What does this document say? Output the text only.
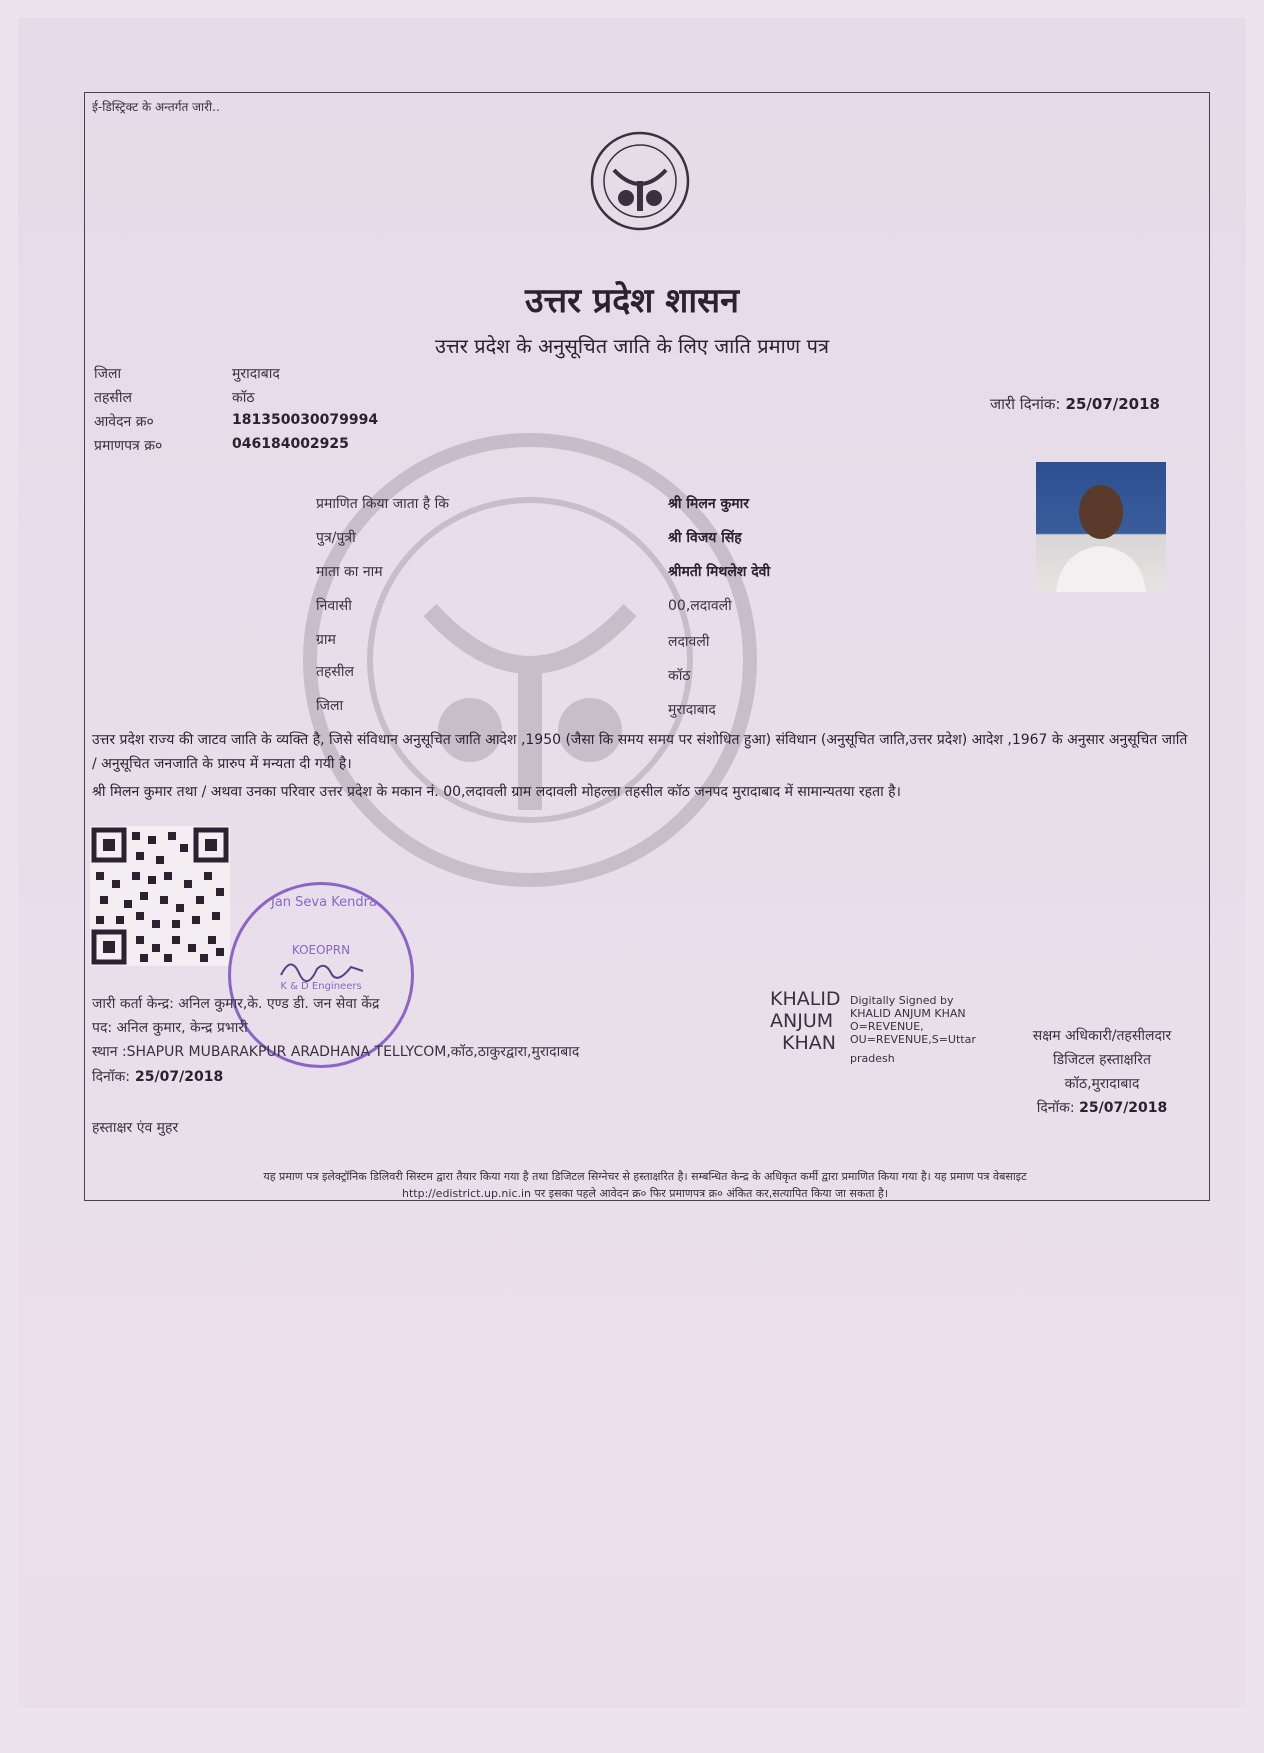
ई-डिस्ट्रिक्ट के अन्तर्गत जारी..
उत्तर प्रदेश शासन
उत्तर प्रदेश के अनुसूचित जाति के लिए जाति प्रमाण पत्र
जिला	मुरादाबाद
तहसील	कॉठ
आवेदन क्र०	181350030079994
प्रमाणपत्र क्र०	046184002925
जारी दिनांक: 25/07/2018
प्रमाणित किया जाता है कि	श्री मिलन कुमार
पुत्र/पुत्री	श्री विजय सिंह
माता का नाम	श्रीमती मिथलेश देवी
निवासी	00,लदावली
ग्राम	लदावली
तहसील	कॉठ
जिला	मुरादाबाद
उत्तर प्रदेश राज्य की जाटव जाति के व्यक्ति है, जिसे संविधान अनुसूचित जाति आदेश ,1950 (जैसा कि समय समय पर संशोधित हुआ) संविधान (अनुसूचित जाति,उत्तर प्रदेश) आदेश ,1967 के अनुसार अनुसूचित जाति / अनुसूचित जनजाति के प्रारुप में मन्यता दी गयी है।
श्री मिलन कुमार तथा / अथवा उनका परिवार उत्तर प्रदेश के मकान नं. 00,लदावली ग्राम लदावली मोहल्ला तहसील कॉठ जनपद मुरादाबाद में सामान्यतया रहता है।
Jan Seva Kendra
KOEOPRN
K & D Engineers
जारी कर्ता केन्द्र: अनिल कुमार,के. एण्ड डी. जन सेवा केंद्र
पद: अनिल कुमार, केन्द्र प्रभारी
स्थान :SHAPUR MUBARAKPUR ARADHANA TELLYCOM,कॉठ,ठाकुरद्वारा,मुरादाबाद
दिनॉक: 25/07/2018
KHALID
ANJUM
KHAN
Digitally Signed by
KHALID ANJUM KHAN
O=REVENUE,
OU=REVENUE,S=Uttar
pradesh
सक्षम अधिकारी/तहसीलदार
डिजिटल हस्ताक्षरित
कॉठ,मुरादाबाद
दिनॉक: 25/07/2018
हस्ताक्षर एंव मुहर
यह प्रमाण पत्र इलेक्ट्रॉनिक डिलिवरी सिस्टम द्वारा तैयार किया गया है तथा डिजिटल सिग्नेचर से हस्ताक्षरित है। सम्बन्धित केन्द्र के अधिकृत कर्मी द्वारा प्रमाणित किया गया है। यह प्रमाण पत्र वेबसाइट
http://edistrict.up.nic.in पर इसका पहले आवेदन क्र० फिर प्रमाणपत्र क्र० अंकित कर,सत्यापित किया जा सकता है।
